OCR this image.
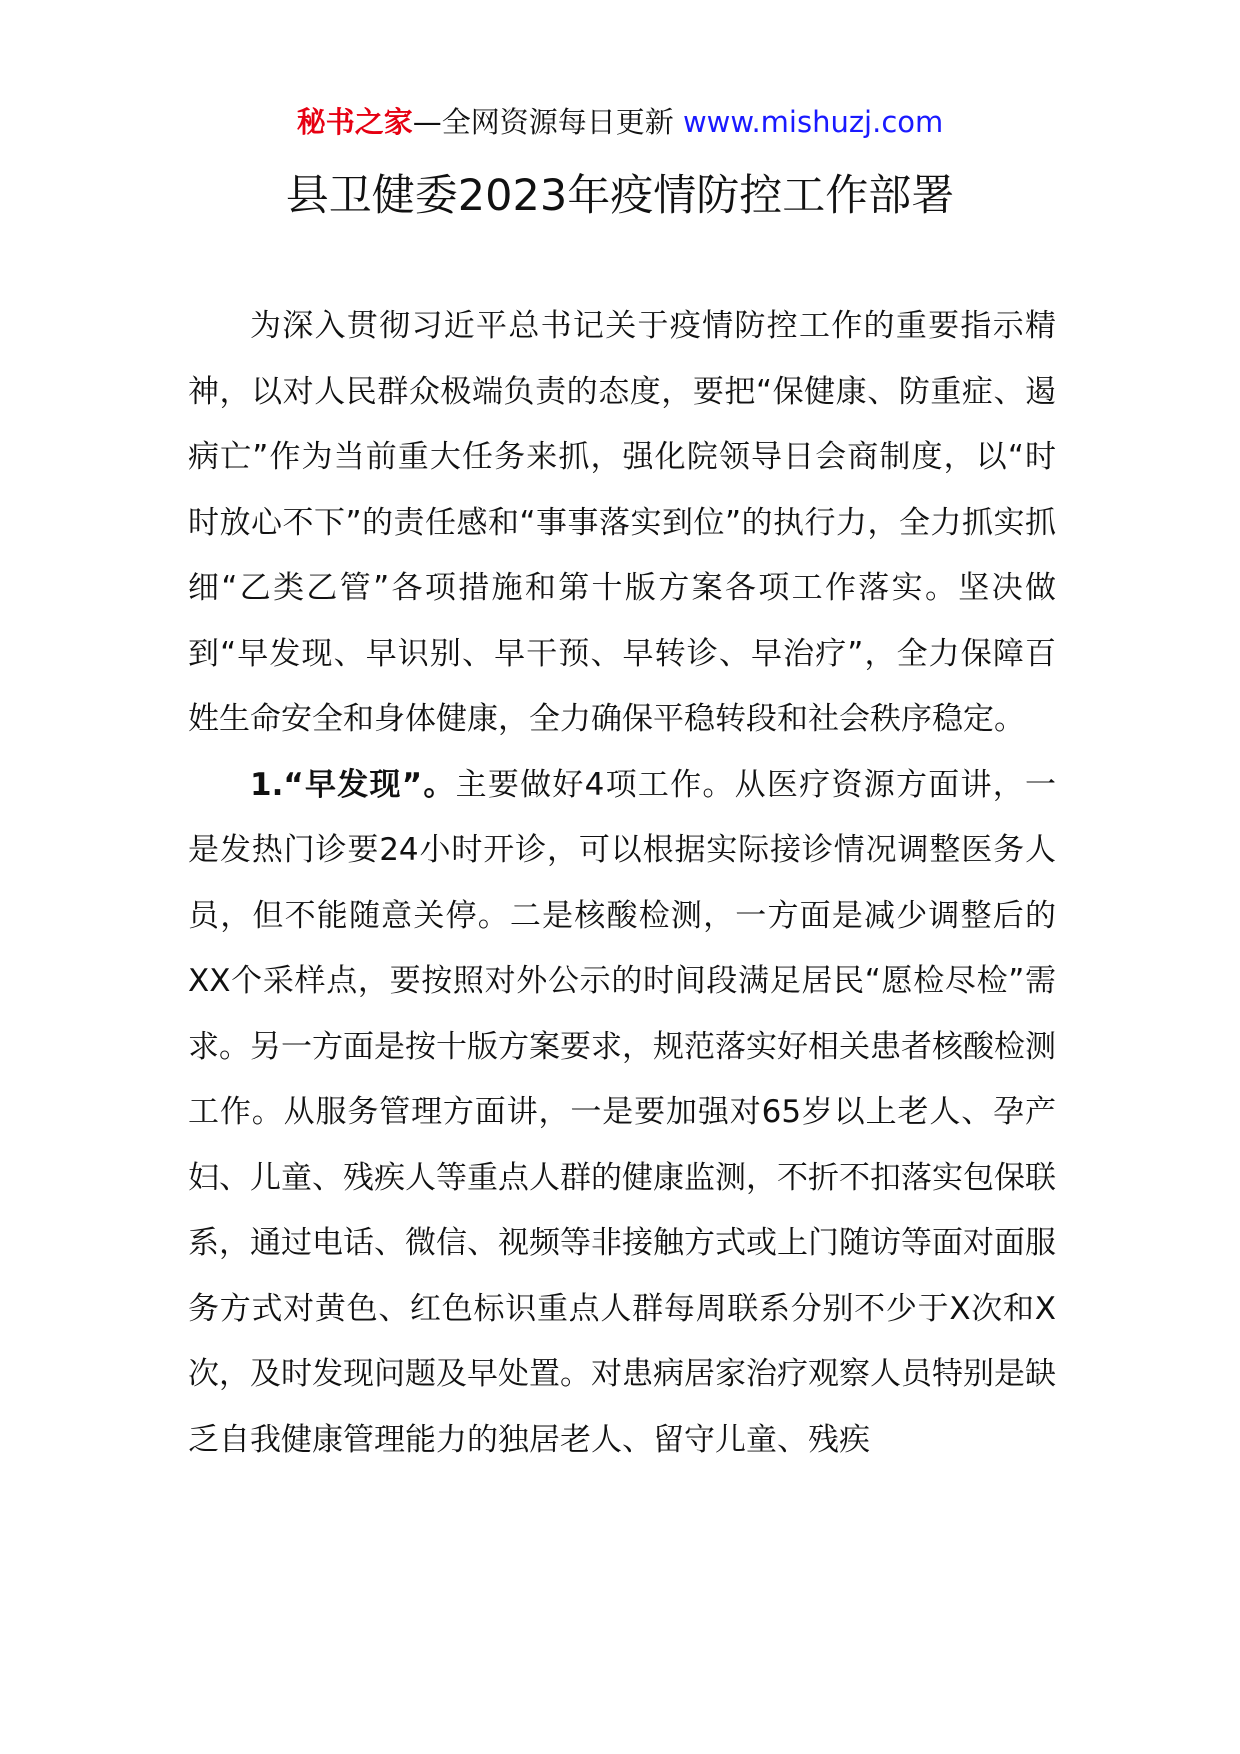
秘书之家—全网资源每日更新 www.mishuzj.com
县卫健委2023年疫情防控工作部署

为深入贯彻习近平总书记关于疫情防控工作的重要指示精神，以对人民群众极端负责的态度，要把“保健康、防重症、遏病亡”作为当前重大任务来抓，强化院领导日会商制度，以“时时放心不下”的责任感和“事事落实到位”的执行力，全力抓实抓细“乙类乙管”各项措施和第十版方案各项工作落实。坚决做到“早发现、早识别、早干预、早转诊、早治疗”，全力保障百姓生命安全和身体健康，全力确保平稳转段和社会秩序稳定。

1.“早发现”。主要做好4项工作。从医疗资源方面讲，一是发热门诊要24小时开诊，可以根据实际接诊情况调整医务人员，但不能随意关停。二是核酸检测，一方面是减少调整后的XX个采样点，要按照对外公示的时间段满足居民“愿检尽检”需求。另一方面是按十版方案要求，规范落实好相关患者核酸检测工作。从服务管理方面讲，一是要加强对65岁以上老人、孕产妇、儿童、残疾人等重点人群的健康监测，不折不扣落实包保联系，通过电话、微信、视频等非接触方式或上门随访等面对面服务方式对黄色、红色标识重点人群每周联系分别不少于X次和X次，及时发现问题及早处置。对患病居家治疗观察人员特别是缺乏自我健康管理能力的独居老人、留守儿童、残疾
